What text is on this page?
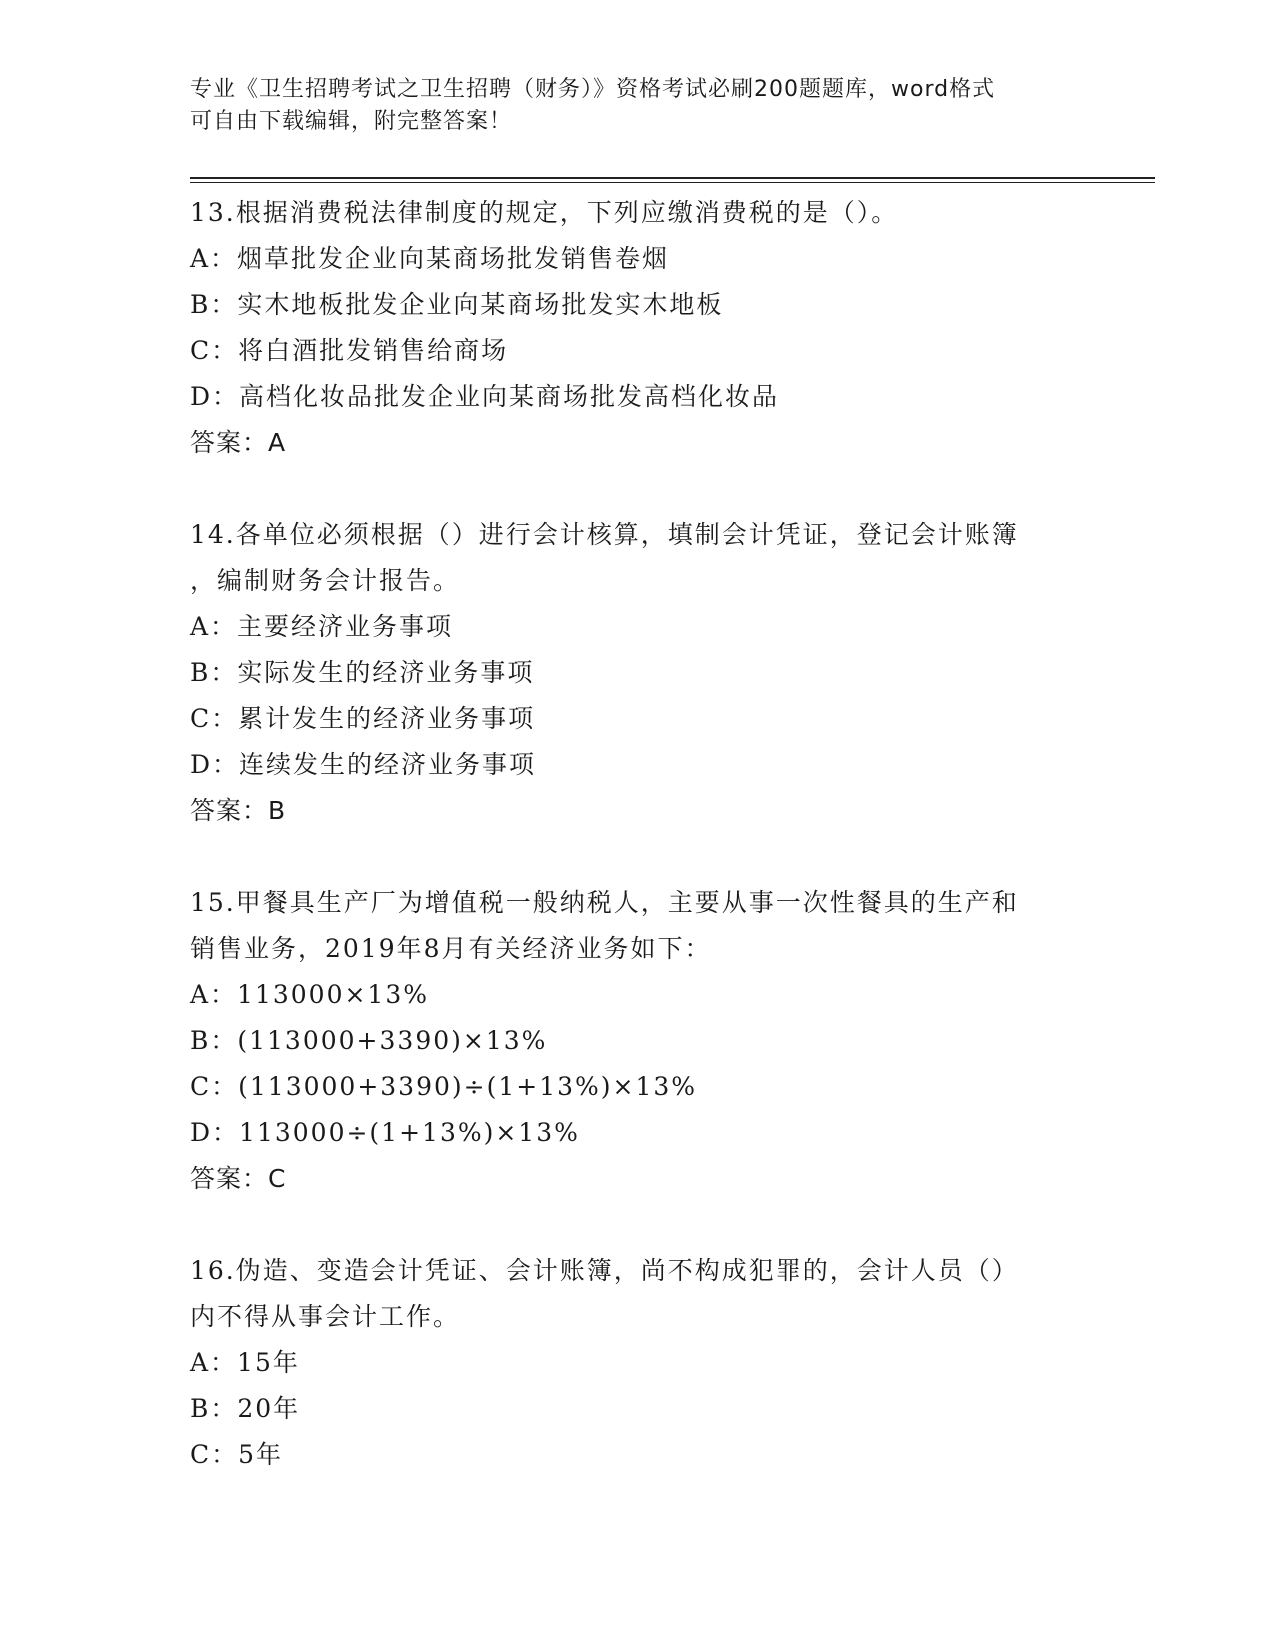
专业《卫生招聘考试之卫生招聘（财务）》资格考试必刷200题题库，word格式
可自由下载编辑，附完整答案！
13.根据消费税法律制度的规定，下列应缴消费税的是（）。
A：烟草批发企业向某商场批发销售卷烟
B：实木地板批发企业向某商场批发实木地板
C：将白酒批发销售给商场
D：高档化妆品批发企业向某商场批发高档化妆品
答案：A
14.各单位必须根据（）进行会计核算，填制会计凭证，登记会计账簿
，编制财务会计报告。
A：主要经济业务事项
B：实际发生的经济业务事项
C：累计发生的经济业务事项
D：连续发生的经济业务事项
答案：B
15.甲餐具生产厂为增值税一般纳税人，主要从事一次性餐具的生产和
销售业务，2019年8月有关经济业务如下：
A：113000×13%
B：(113000+3390)×13%
C：(113000+3390)÷(1+13%)×13%
D：113000÷(1+13%)×13%
答案：C
16.伪造、变造会计凭证、会计账簿，尚不构成犯罪的，会计人员（）
内不得从事会计工作。
A：15年
B：20年
C：5年
